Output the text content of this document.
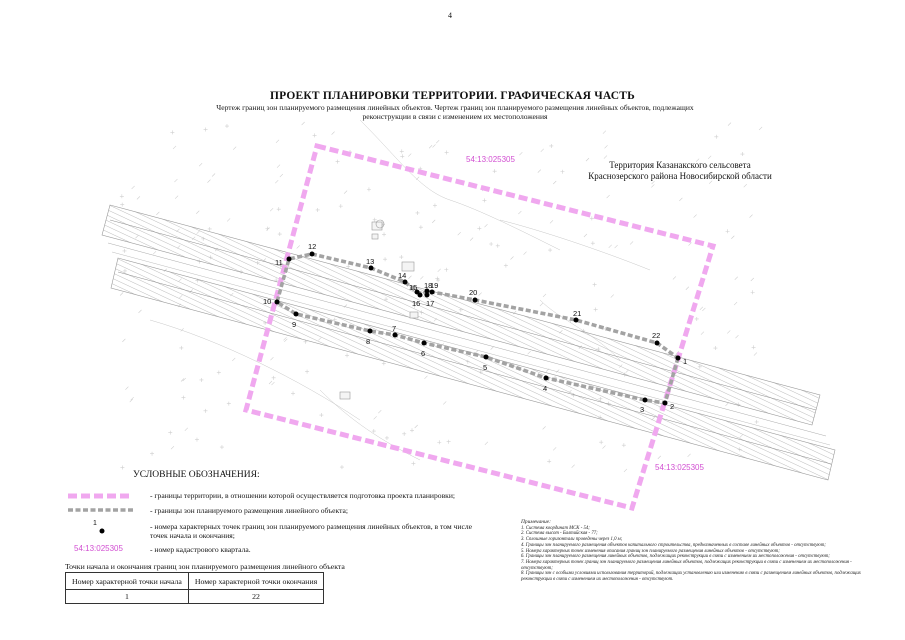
4
ПРОЕКТ ПЛАНИРОВКИ ТЕРРИТОРИИ. ГРАФИЧЕСКАЯ ЧАСТЬ
Чертеж границ зон планируемого размещения линейных объектов. Чертеж границ зон планируемого размещения линейных объектов, подлежащих реконструкции в связи с изменением их местоположения
1
2
3
4
5
6
7
8
9
10
11
12
13
14
15
16 17
18
19
20
21
22
54:13:025305
54:13:025305
Территория Казанакского сельсовета
Краснозерского района Новосибирской области
УСЛОВНЫЕ ОБОЗНАЧЕНИЯ:
- границы территории, в отношении которой осуществляется подготовка проекта планировки;
- границы зон планируемого размещения линейного объекта;
1	- номера характерных точек границ зон планируемого размещения линейных объектов, в том числе точек начала и окончания;
54:13:025305	- номер кадастрового квартала.
Точки начала и окончания границ зон планируемого размещения линейного объекта
Номер характерной точки начала	Номер характерной точки окончания
1	22
Примечание:
1. Система координат МСК - 54;
2. Система высот - Балтийская - 77;
3. Сплошные горизонтали проведены через 1,0 м;
4. Границы зон планируемого размещения объектов капитального строительства, предназначенных в составе линейных объектов - отсутствуют;
5. Номера характерных точек изменения описания границ зон планируемого размещения линейных объектов - отсутствуют;
6. Границы зон планируемого размещения линейных объектов, подлежащих реконструкции в связи с изменением их местоположения - отсутствуют;
7. Номера характерных точек границ зон планируемого размещения линейных объектов, подлежащих реконструкции в связи с изменением их местоположения - отсутствуют;
8. Границы зон с особыми условиями использования территорий, подлежащих установлению или изменению в связи с размещением линейных объектов, подлежащих реконструкции в связи с изменением их местоположения - отсутствуют.
